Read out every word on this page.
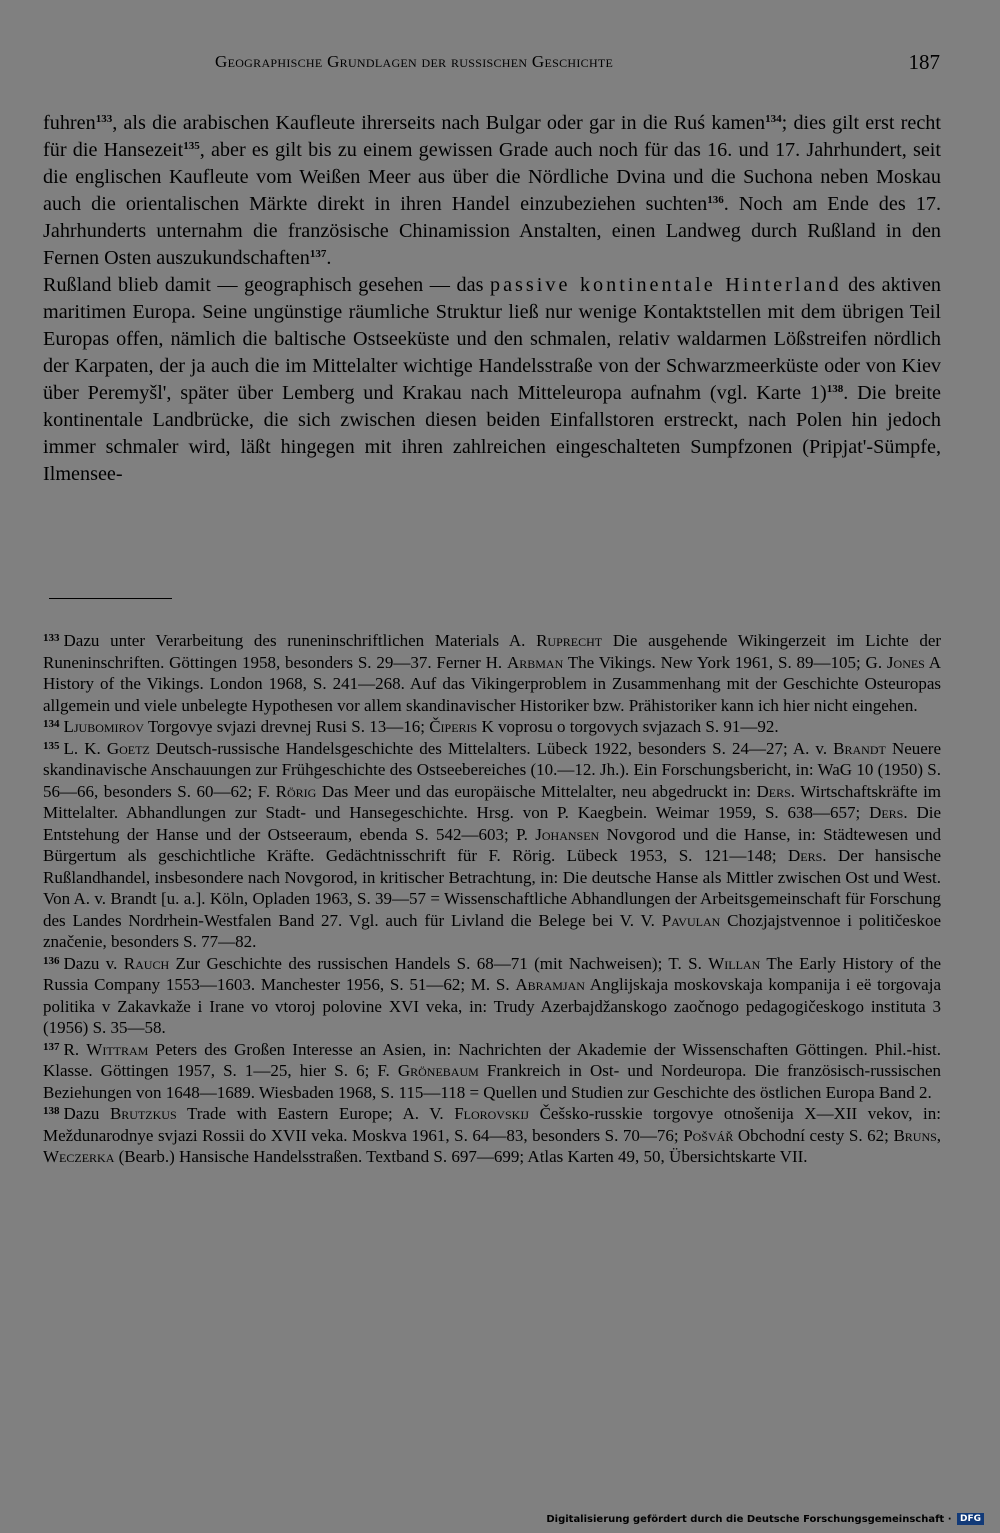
Geographische Grundlagen der russischen Geschichte	187

fuhren$^{133}$, als die arabischen Kaufleute ihrerseits nach Bulgar oder gar in die Ruś kamen$^{134}$; dies gilt erst recht für die Hansezeit$^{135}$, aber es gilt bis zu einem gewissen Grade auch noch für das 16. und 17. Jahrhundert, seit die englischen Kaufleute vom Weißen Meer aus über die Nördliche Dvina und die Suchona neben Moskau auch die orientalischen Märkte direkt in ihren Handel einzubeziehen suchten$^{136}$. Noch am Ende des 17. Jahrhunderts unternahm die französische Chinamission Anstalten, einen Landweg durch Rußland in den Fernen Osten auszukundschaften$^{137}$.

Rußland blieb damit — geographisch gesehen — das passive kontinentale Hinterland des aktiven maritimen Europa. Seine ungünstige räumliche Struktur ließ nur wenige Kontaktstellen mit dem übrigen Teil Europas offen, nämlich die baltische Ostseeküste und den schmalen, relativ waldarmen Lößstreifen nördlich der Karpaten, der ja auch die im Mittelalter wichtige Handelsstraße von der Schwarzmeerküste oder von Kiev über Peremyšl', später über Lemberg und Krakau nach Mitteleuropa aufnahm (vgl. Karte 1)$^{138}$. Die breite kontinentale Landbrücke, die sich zwischen diesen beiden Einfallstoren erstreckt, nach Polen hin jedoch immer schmaler wird, läßt hingegen mit ihren zahlreichen eingeschalteten Sumpfzonen (Pripjat'-Sümpfe, Ilmensee-

$^{133}$ Dazu unter Verarbeitung des runeninschriftlichen Materials A. Ruprecht Die ausgehende Wikingerzeit im Lichte der Runeninschriften. Göttingen 1958, besonders S. 29—37. Ferner H. Arbman The Vikings. New York 1961, S. 89—105; G. Jones A History of the Vikings. London 1968, S. 241—268. Auf das Vikingerproblem in Zusammenhang mit der Geschichte Osteuropas allgemein und viele unbelegte Hypothesen vor allem skandinavischer Historiker bzw. Prähistoriker kann ich hier nicht eingehen.

$^{134}$ Ljubomirov Torgovye svjazi drevnej Rusi S. 13—16; Čiperis K voprosu o torgovych svjazach S. 91—92.

$^{135}$ L. K. Goetz Deutsch-russische Handelsgeschichte des Mittelalters. Lübeck 1922, besonders S. 24—27; A. v. Brandt Neuere skandinavische Anschauungen zur Frühgeschichte des Ostseebereiches (10.—12. Jh.). Ein Forschungsbericht, in: WaG 10 (1950) S. 56—66, besonders S. 60—62; F. Rörig Das Meer und das europäische Mittelalter, neu abgedruckt in: Ders. Wirtschaftskräfte im Mittelalter. Abhandlungen zur Stadt- und Hansegeschichte. Hrsg. von P. Kaegbein. Weimar 1959, S. 638—657; Ders. Die Entstehung der Hanse und der Ostseeraum, ebenda S. 542—603; P. Johansen Novgorod und die Hanse, in: Städtewesen und Bürgertum als geschichtliche Kräfte. Gedächtnisschrift für F. Rörig. Lübeck 1953, S. 121—148; Ders. Der hansische Rußlandhandel, insbesondere nach Novgorod, in kritischer Betrachtung, in: Die deutsche Hanse als Mittler zwischen Ost und West. Von A. v. Brandt [u. a.]. Köln, Opladen 1963, S. 39—57 = Wissenschaftliche Abhandlungen der Arbeitsgemeinschaft für Forschung des Landes Nordrhein-Westfalen Band 27. Vgl. auch für Livland die Belege bei V. V. Pavulan Chozjajstvennoe i političeskoe značenie, besonders S. 77—82.

$^{136}$ Dazu v. Rauch Zur Geschichte des russischen Handels S. 68—71 (mit Nachweisen); T. S. Willan The Early History of the Russia Company 1553—1603. Manchester 1956, S. 51—62; M. S. Abramjan Anglijskaja moskovskaja kompanija i eë torgovaja politika v Zakavkaže i Irane vo vtoroj polovine XVI veka, in: Trudy Azerbajdžanskogo zaočnogo pedagogičeskogo instituta 3 (1956) S. 35—58.

$^{137}$ R. Wittram Peters des Großen Interesse an Asien, in: Nachrichten der Akademie der Wissenschaften Göttingen. Phil.-hist. Klasse. Göttingen 1957, S. 1—25, hier S. 6; F. Grönebaum Frankreich in Ost- und Nordeuropa. Die französisch-russischen Beziehungen von 1648—1689. Wiesbaden 1968, S. 115—118 = Quellen und Studien zur Geschichte des östlichen Europa Band 2.

$^{138}$ Dazu Brutzkus Trade with Eastern Europe; A. V. Florovskij Češsko-russkie torgovye otnošenija X—XII vekov, in: Meždunarodnye svjazi Rossii do XVII veka. Moskva 1961, S. 64—83, besonders S. 70—76; Pošvář Obchodní cesty S. 62; Bruns, Weczerka (Bearb.) Hansische Handelsstraßen. Textband S. 697—699; Atlas Karten 49, 50, Übersichtskarte VII.

Digitalisierung gefördert durch die Deutsche Forschungsgemeinschaft · DFG
